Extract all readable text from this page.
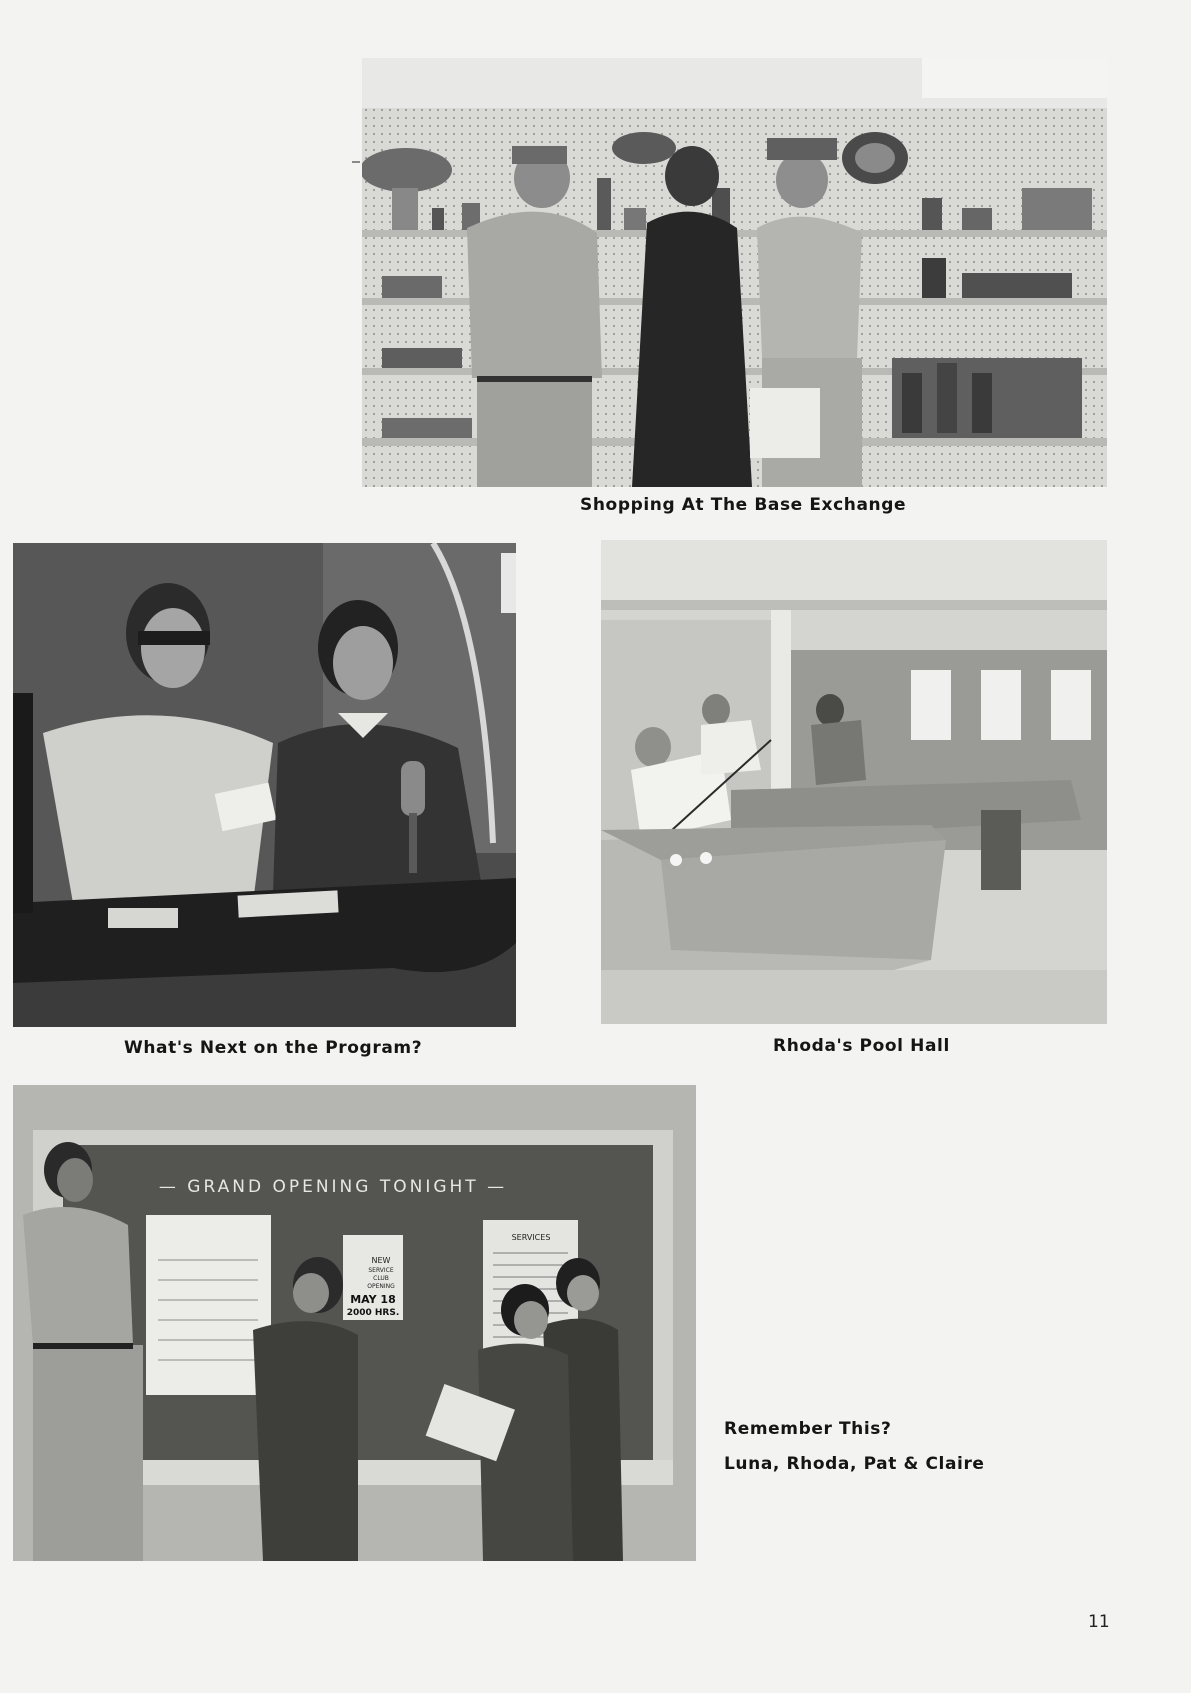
Shopping At The Base Exchange
What's Next on the Program?	Rhoda's Pool Hall
— GRAND OPENING TONIGHT —
NEW
SERVICE
CLUB
OPENING
MAY 18
2000 HRS.
SERVICES
Remember This?
Luna, Rhoda, Pat & Claire
11
